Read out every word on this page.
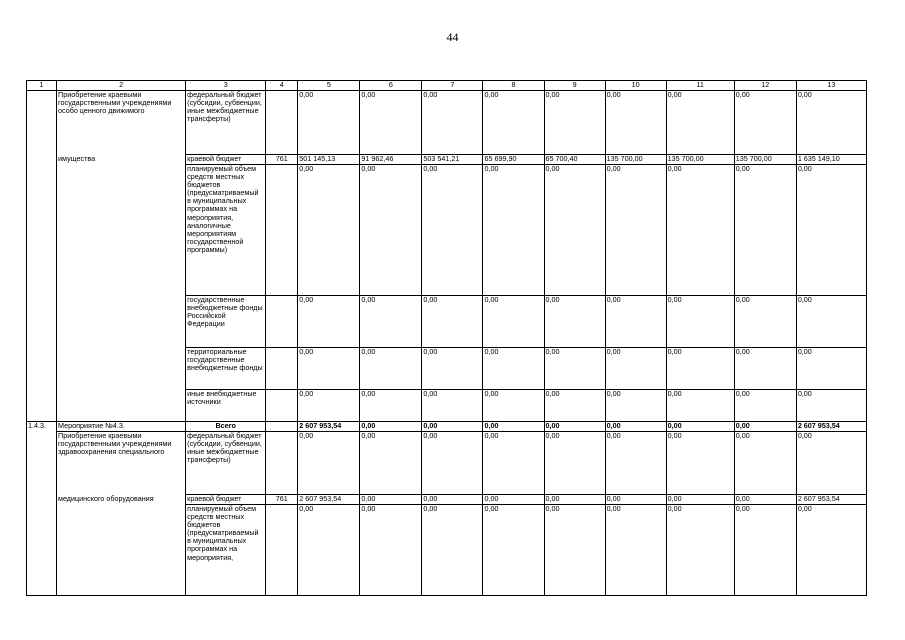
44
1	2	3	4	5	6	7	8	9	10	11	12	13
	Приобретение краевыми государственными учреждениями особо ценного движимого	федеральный бюджет (субсидии, субвенции, иные межбюджетные трансферты)		0,00	0,00	0,00	0,00	0,00	0,00	0,00	0,00	0,00
	имущества	краевой бюджет	761	501 145,13	91 962,46	503 541,21	65 699,90	65 700,40	135 700,00	135 700,00	135 700,00	1 635 149,10
		планируемый объем средств местных бюджетов (предусматриваемый в муниципальных программах на мероприятия, аналогичные мероприятиям государственной программы)		0,00	0,00	0,00	0,00	0,00	0,00	0,00	0,00	0,00
		государственные внебюджетные фонды Российской Федерации		0,00	0,00	0,00	0,00	0,00	0,00	0,00	0,00	0,00
		территориальные государственные внебюджетные фонды		0,00	0,00	0,00	0,00	0,00	0,00	0,00	0,00	0,00
		иные внебюджетные источники		0,00	0,00	0,00	0,00	0,00	0,00	0,00	0,00	0,00
1.4.3.	Мероприятие №4.3.	Всего		2 607 953,54	0,00	0,00	0,00	0,00	0,00	0,00	0,00	2 607 953,54
	Приобретение краевыми государственными учреждениями здравоохранения специального	федеральный бюджет (субсидии, субвенции, иные межбюджетные трансферты)		0,00	0,00	0,00	0,00	0,00	0,00	0,00	0,00	0,00
	медицинского оборудования	краевой бюджет	761	2 607 953,54	0,00	0,00	0,00	0,00	0,00	0,00	0,00	2 607 953,54
		планируемый объем средств местных бюджетов (предусматриваемый в муниципальных программах на мероприятия,		0,00	0,00	0,00	0,00	0,00	0,00	0,00	0,00	0,00
